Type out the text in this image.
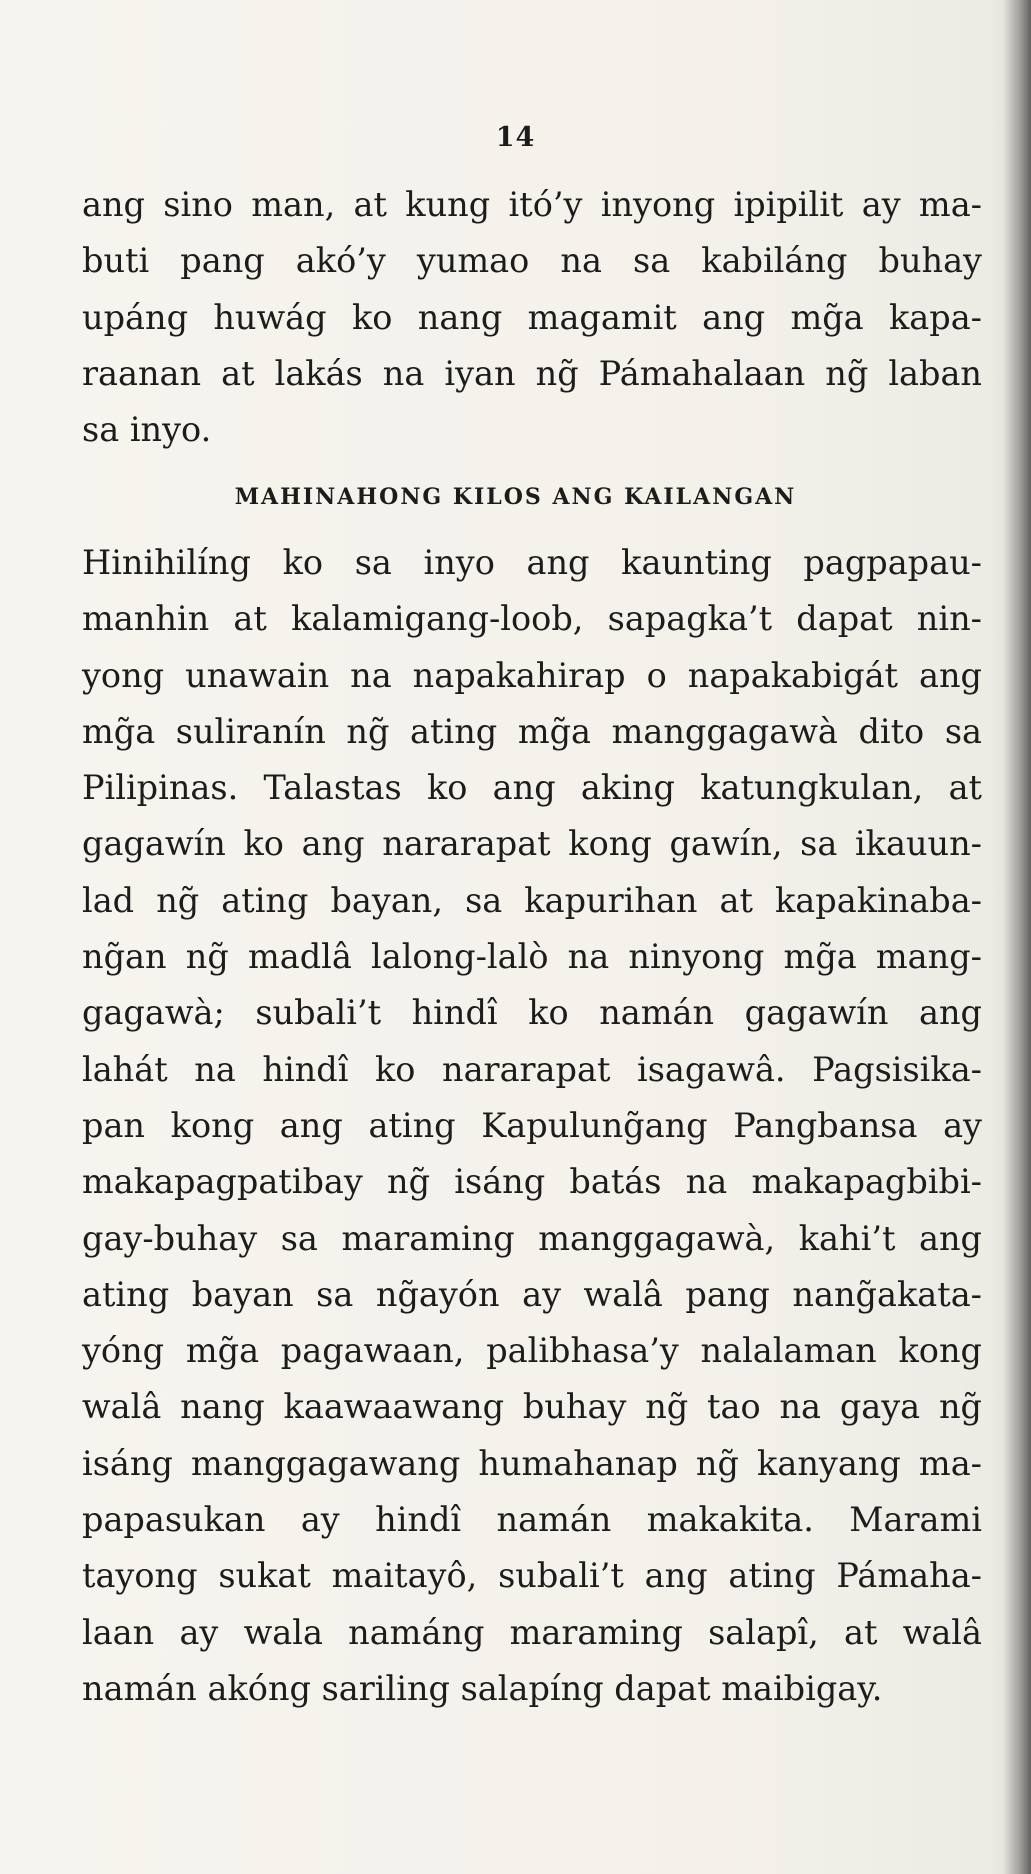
14
ang sino man, at kung itó’y inyong ipipilit ay ma-
buti pang akó’y yumao na sa kabiláng buhay
upáng huwág ko nang magamit ang mg̃a kapa-
raanan at lakás na iyan ng̃ Pámahalaan ng̃ laban
sa inyo.
MAHINAHONG KILOS ANG KAILANGAN
Hinihilíng ko sa inyo ang kaunting pagpapau-
manhin at kalamigang-loob, sapagka’t dapat nin-
yong unawain na napakahirap o napakabigát ang
mg̃a suliranín ng̃ ating mg̃a manggagawà dito sa
Pilipinas. Talastas ko ang aking katungkulan, at
gagawín ko ang nararapat kong gawín, sa ikauun-
lad ng̃ ating bayan, sa kapurihan at kapakinaba-
ng̃an ng̃ madlâ lalong-lalò na ninyong mg̃a mang-
gagawà; subali’t hindî ko namán gagawín ang
lahát na hindî ko nararapat isagawâ. Pagsisika-
pan kong ang ating Kapulung̃ang Pangbansa ay
makapagpatibay ng̃ isáng batás na makapagbibi-
gay-buhay sa maraming manggagawà, kahi’t ang
ating bayan sa ng̃ayón ay walâ pang nang̃akata-
yóng mg̃a pagawaan, palibhasa’y nalalaman kong
walâ nang kaawaawang buhay ng̃ tao na gaya ng̃
isáng manggagawang humahanap ng̃ kanyang ma-
papasukan ay hindî namán makakita. Marami
tayong sukat maitayô, subali’t ang ating Pámaha-
laan ay wala namáng maraming salapî, at walâ
namán akóng sariling salapíng dapat maibigay.
